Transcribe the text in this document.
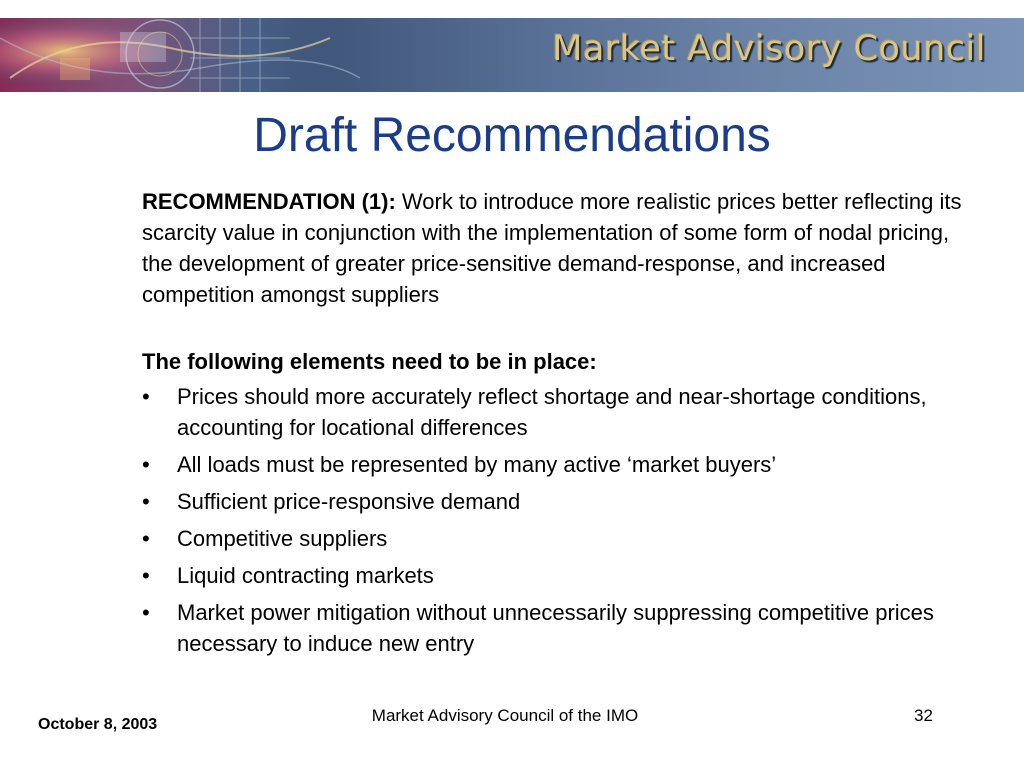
Market Advisory Council
Draft Recommendations

RECOMMENDATION (1): Work to introduce more realistic prices better reflecting its scarcity value in conjunction with the implementation of some form of nodal pricing, the development of greater price-sensitive demand-response, and increased competition amongst suppliers

The following elements need to be in place:
• Prices should more accurately reflect shortage and near-shortage conditions, accounting for locational differences
• All loads must be represented by many active ‘market buyers’
• Sufficient price-responsive demand
• Competitive suppliers
• Liquid contracting markets
• Market power mitigation without unnecessarily suppressing competitive prices necessary to induce new entry
October 8, 2003	Market Advisory Council of the IMO	32
